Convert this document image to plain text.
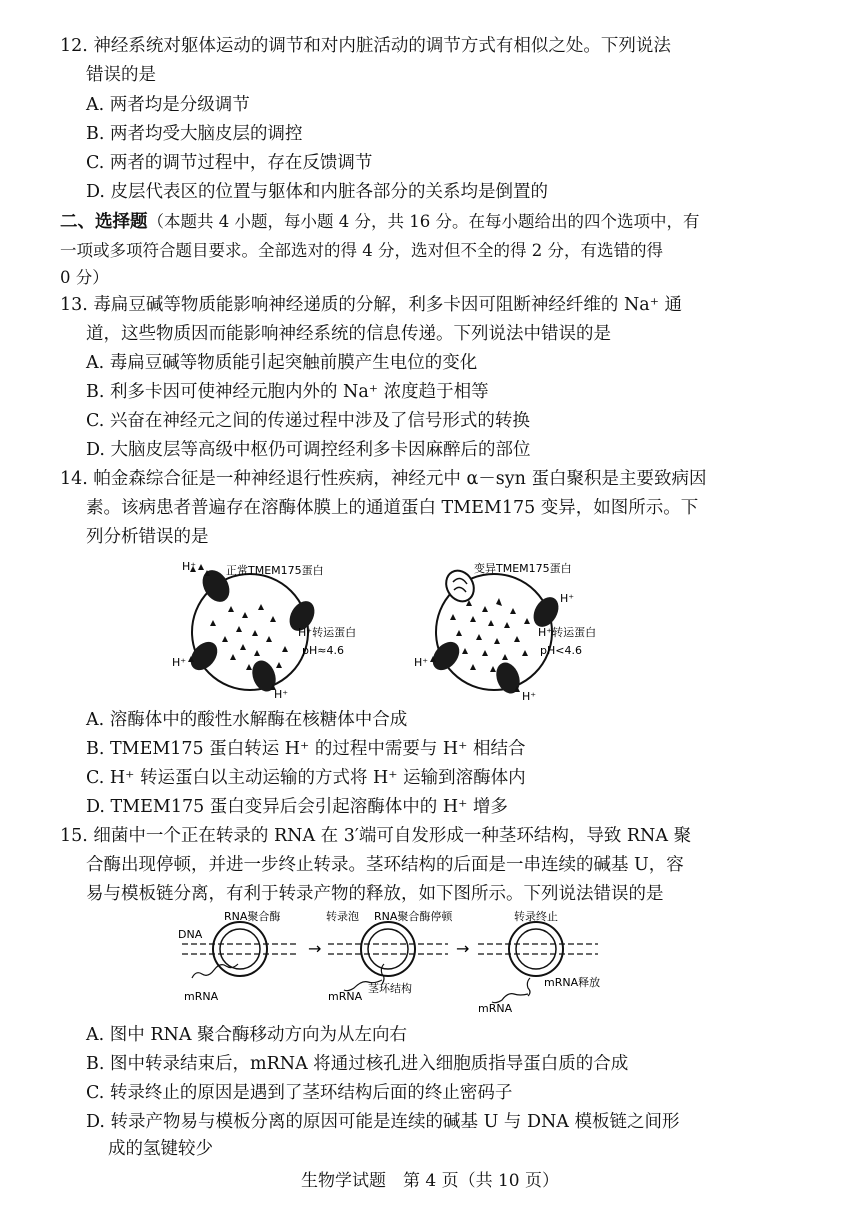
12. 神经系统对躯体运动的调节和对内脏活动的调节方式有相似之处。下列说法
错误的是
A. 两者均是分级调节
B. 两者均受大脑皮层的调控
C. 两者的调节过程中，存在反馈调节
D. 皮层代表区的位置与躯体和内脏各部分的关系均是倒置的
二、选择题（本题共 4 小题，每小题 4 分，共 16 分。在每小题给出的四个选项中，有
一项或多项符合题目要求。全部选对的得 4 分，选对但不全的得 2 分，有选错的得
0 分）
13. 毒扁豆碱等物质能影响神经递质的分解，利多卡因可阻断神经纤维的 Na⁺ 通
道，这些物质因而能影响神经系统的信息传递。下列说法中错误的是
A. 毒扁豆碱等物质能引起突触前膜产生电位的变化
B. 利多卡因可使神经元胞内外的 Na⁺ 浓度趋于相等
C. 兴奋在神经元之间的传递过程中涉及了信号形式的转换
D. 大脑皮层等高级中枢仍可调控经利多卡因麻醉后的部位
14. 帕金森综合征是一种神经退行性疾病，神经元中 α－syn 蛋白聚积是主要致病因
素。该病患者普遍存在溶酶体膜上的通道蛋白 TMEM175 变异，如图所示。下
列分析错误的是
H⁺	正常TMEM175蛋白
H⁺转运蛋白
pH≈4.6
H⁺
H⁺
变异TMEM175蛋白
H⁺
H⁺转运蛋白
pH<4.6
H⁺
H⁺
A. 溶酶体中的酸性水解酶在核糖体中合成
B. TMEM175 蛋白转运 H⁺ 的过程中需要与 H⁺ 相结合
C. H⁺ 转运蛋白以主动运输的方式将 H⁺ 运输到溶酶体内
D. TMEM175 蛋白变异后会引起溶酶体中的 H⁺ 增多
15. 细菌中一个正在转录的 RNA 在 3′端可自发形成一种茎环结构，导致 RNA 聚
合酶出现停顿，并进一步终止转录。茎环结构的后面是一串连续的碱基 U，容
易与模板链分离，有利于转录产物的释放，如下图所示。下列说法错误的是
DNA
RNA聚合酶
mRNA
→
转录泡 RNA聚合酶停顿
mRNA
茎环结构
→
转录终止
mRNA释放
mRNA
A. 图中 RNA 聚合酶移动方向为从左向右
B. 图中转录结束后，mRNA 将通过核孔进入细胞质指导蛋白质的合成
C. 转录终止的原因是遇到了茎环结构后面的终止密码子
D. 转录产物易与模板分离的原因可能是连续的碱基 U 与 DNA 模板链之间形
成的氢键较少
生物学试题　第 4 页（共 10 页）
